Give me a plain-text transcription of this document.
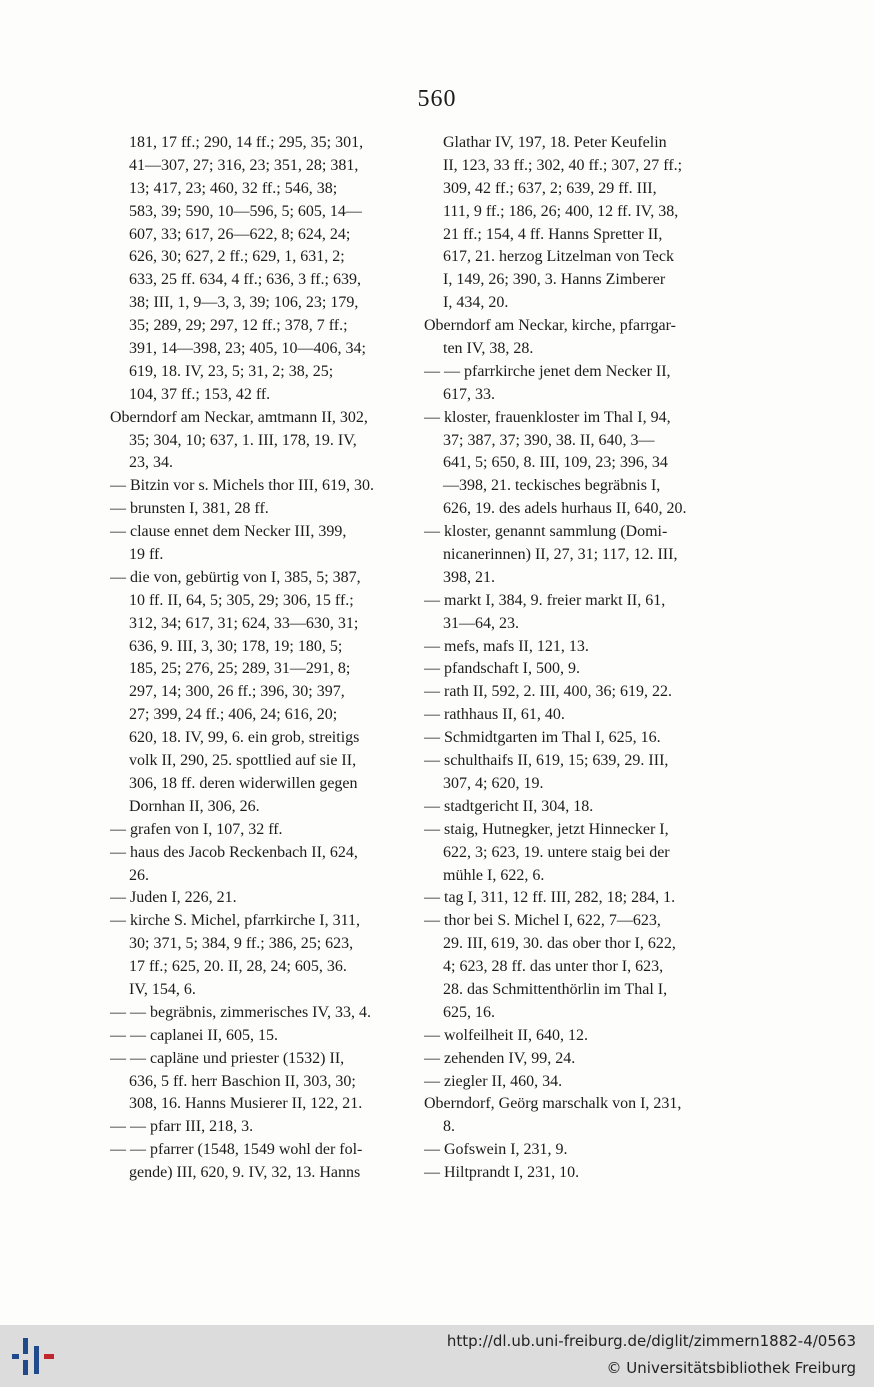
560
181, 17 ff.; 290, 14 ff.; 295, 35; 301,
41—307, 27; 316, 23; 351, 28; 381,
13; 417, 23; 460, 32 ff.; 546, 38;
583, 39; 590, 10—596, 5; 605, 14—
607, 33; 617, 26—622, 8; 624, 24;
626, 30; 627, 2 ff.; 629, 1, 631, 2;
633, 25 ff. 634, 4 ff.; 636, 3 ff.; 639,
38; III, 1, 9—3, 3, 39; 106, 23; 179,
35; 289, 29; 297, 12 ff.; 378, 7 ff.;
391, 14—398, 23; 405, 10—406, 34;
619, 18. IV, 23, 5; 31, 2; 38, 25;
104, 37 ff.; 153, 42 ff.
Oberndorf am Neckar, amtmann II, 302,
35; 304, 10; 637, 1. III, 178, 19. IV,
23, 34.
— Bitzin vor s. Michels thor III, 619, 30.
— brunsten I, 381, 28 ff.
— clause ennet dem Necker III, 399,
19 ff.
— die von, gebürtig von I, 385, 5; 387,
10 ff. II, 64, 5; 305, 29; 306, 15 ff.;
312, 34; 617, 31; 624, 33—630, 31;
636, 9. III, 3, 30; 178, 19; 180, 5;
185, 25; 276, 25; 289, 31—291, 8;
297, 14; 300, 26 ff.; 396, 30; 397,
27; 399, 24 ff.; 406, 24; 616, 20;
620, 18. IV, 99, 6. ein grob, streitigs
volk II, 290, 25. spottlied auf sie II,
306, 18 ff. deren widerwillen gegen
Dornhan II, 306, 26.
— grafen von I, 107, 32 ff.
— haus des Jacob Reckenbach II, 624,
26.
— Juden I, 226, 21.
— kirche S. Michel, pfarrkirche I, 311,
30; 371, 5; 384, 9 ff.; 386, 25; 623,
17 ff.; 625, 20. II, 28, 24; 605, 36.
IV, 154, 6.
— — begräbnis, zimmerisches IV, 33, 4.
— — caplanei II, 605, 15.
— — capläne und priester (1532) II,
636, 5 ff. herr Baschion II, 303, 30;
308, 16. Hanns Musierer II, 122, 21.
— — pfarr III, 218, 3.
— — pfarrer (1548, 1549 wohl der fol-
gende) III, 620, 9. IV, 32, 13. Hanns
Glathar IV, 197, 18. Peter Keufelin
II, 123, 33 ff.; 302, 40 ff.; 307, 27 ff.;
309, 42 ff.; 637, 2; 639, 29 ff. III,
111, 9 ff.; 186, 26; 400, 12 ff. IV, 38,
21 ff.; 154, 4 ff. Hanns Spretter II,
617, 21. herzog Litzelman von Teck
I, 149, 26; 390, 3. Hanns Zimberer
I, 434, 20.
Oberndorf am Neckar, kirche, pfarrgar-
ten IV, 38, 28.
— — pfarrkirche jenet dem Necker II,
617, 33.
— kloster, frauenkloster im Thal I, 94,
37; 387, 37; 390, 38. II, 640, 3—
641, 5; 650, 8. III, 109, 23; 396, 34
—398, 21. teckisches begräbnis I,
626, 19. des adels hurhaus II, 640, 20.
— kloster, genannt sammlung (Domi-
nicanerinnen) II, 27, 31; 117, 12. III,
398, 21.
— markt I, 384, 9. freier markt II, 61,
31—64, 23.
— mefs, mafs II, 121, 13.
— pfandschaft I, 500, 9.
— rath II, 592, 2. III, 400, 36; 619, 22.
— rathhaus II, 61, 40.
— Schmidtgarten im Thal I, 625, 16.
— schulthaifs II, 619, 15; 639, 29. III,
307, 4; 620, 19.
— stadtgericht II, 304, 18.
— staig, Hutnegker, jetzt Hinnecker I,
622, 3; 623, 19. untere staig bei der
mühle I, 622, 6.
— tag I, 311, 12 ff. III, 282, 18; 284, 1.
— thor bei S. Michel I, 622, 7—623,
29. III, 619, 30. das ober thor I, 622,
4; 623, 28 ff. das unter thor I, 623,
28. das Schmittenthörlin im Thal I,
625, 16.
— wolfeilheit II, 640, 12.
— zehenden IV, 99, 24.
— ziegler II, 460, 34.
Oberndorf, Geörg marschalk von I, 231,
8.
— Gofswein I, 231, 9.
— Hiltprandt I, 231, 10.
http://dl.ub.uni-freiburg.de/diglit/zimmern1882-4/0563
© Universitätsbibliothek Freiburg
